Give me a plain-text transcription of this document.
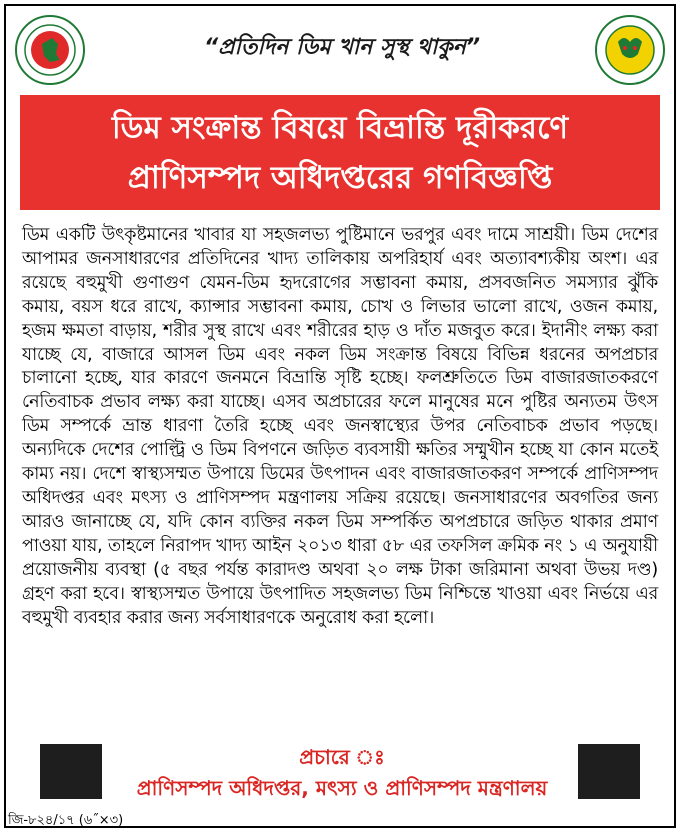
“প্রতিদিন ডিম খান সুস্থ থাকুন”
ডিম সংক্রান্ত বিষয়ে বিভ্রান্তি দূরীকরণে
প্রাণিসম্পদ অধিদপ্তরের গণবিজ্ঞপ্তি
ডিম একটি উৎকৃষ্টমানের খাবার যা সহজলভ্য পুষ্টিমানে ভরপুর এবং দামে সাশ্রয়ী। ডিম দেশের আপামর জনসাধারণের প্রতিদিনের খাদ্য তালিকায় অপরিহার্য এবং অত্যাবশ্যকীয় অংশ। এর রয়েছে বহুমুখী গুণাগুণ যেমন-ডিম হৃদরোগের সম্ভাবনা কমায়, প্রসবজনিত সমস্যার ঝুঁকি কমায়, বয়স ধরে রাখে, ক্যান্সার সম্ভাবনা কমায়, চোখ ও লিভার ভালো রাখে, ওজন কমায়, হজম ক্ষমতা বাড়ায়, শরীর সুস্থ রাখে এবং শরীরের হাড় ও দাঁত মজবুত করে। ইদানীং লক্ষ্য করা যাচ্ছে যে, বাজারে আসল ডিম এবং নকল ডিম সংক্রান্ত বিষয়ে বিভিন্ন ধরনের অপপ্রচার চালানো হচ্ছে, যার কারণে জনমনে বিভ্রান্তি সৃষ্টি হচ্ছে। ফলশ্রুতিতে ডিম বাজারজাতকরণে নেতিবাচক প্রভাব লক্ষ্য করা যাচ্ছে। এসব অপ্রচারের ফলে মানুষের মনে পুষ্টির অন্যতম উৎস ডিম সম্পর্কে ভ্রান্ত ধারণা তৈরি হচ্ছে এবং জনস্বাস্থ্যের উপর নেতিবাচক প্রভাব পড়ছে। অন্যদিকে দেশের পোল্ট্রি ও ডিম বিপণনে জড়িত ব্যবসায়ী ক্ষতির সম্মুখীন হচ্ছে যা কোন মতেই কাম্য নয়। দেশে স্বাস্থ্যসম্মত উপায়ে ডিমের উৎপাদন এবং বাজারজাতকরণ সম্পর্কে প্রাণিসম্পদ অধিদপ্তর এবং মৎস্য ও প্রাণিসম্পদ মন্ত্রণালয় সক্রিয় রয়েছে। জনসাধারণের অবগতির জন্য আরও জানাচ্ছে যে, যদি কোন ব্যক্তির নকল ডিম সম্পর্কিত অপপ্রচারে জড়িত থাকার প্রমাণ পাওয়া যায়, তাহলে নিরাপদ খাদ্য আইন ২০১৩ ধারা ৫৮ এর তফসিল ক্রমিক নং ১ এ অনুযায়ী প্রয়োজনীয় ব্যবস্থা (৫ বছর পর্যন্ত কারাদণ্ড অথবা ২০ লক্ষ টাকা জরিমানা অথবা উভয় দণ্ড) গ্রহণ করা হবে। স্বাস্থ্যসম্মত উপায়ে উৎপাদিত সহজলভ্য ডিম নিশ্চিন্তে খাওয়া এবং নির্ভয়ে এর বহুমুখী ব্যবহার করার জন্য সর্বসাধারণকে অনুরোধ করা হলো।
প্রচারে ঃ
প্রাণিসম্পদ অধিদপ্তর, মৎস্য ও প্রাণিসম্পদ মন্ত্রণালয়
জি-৮২৪/১৭ (৬˝×৩)
